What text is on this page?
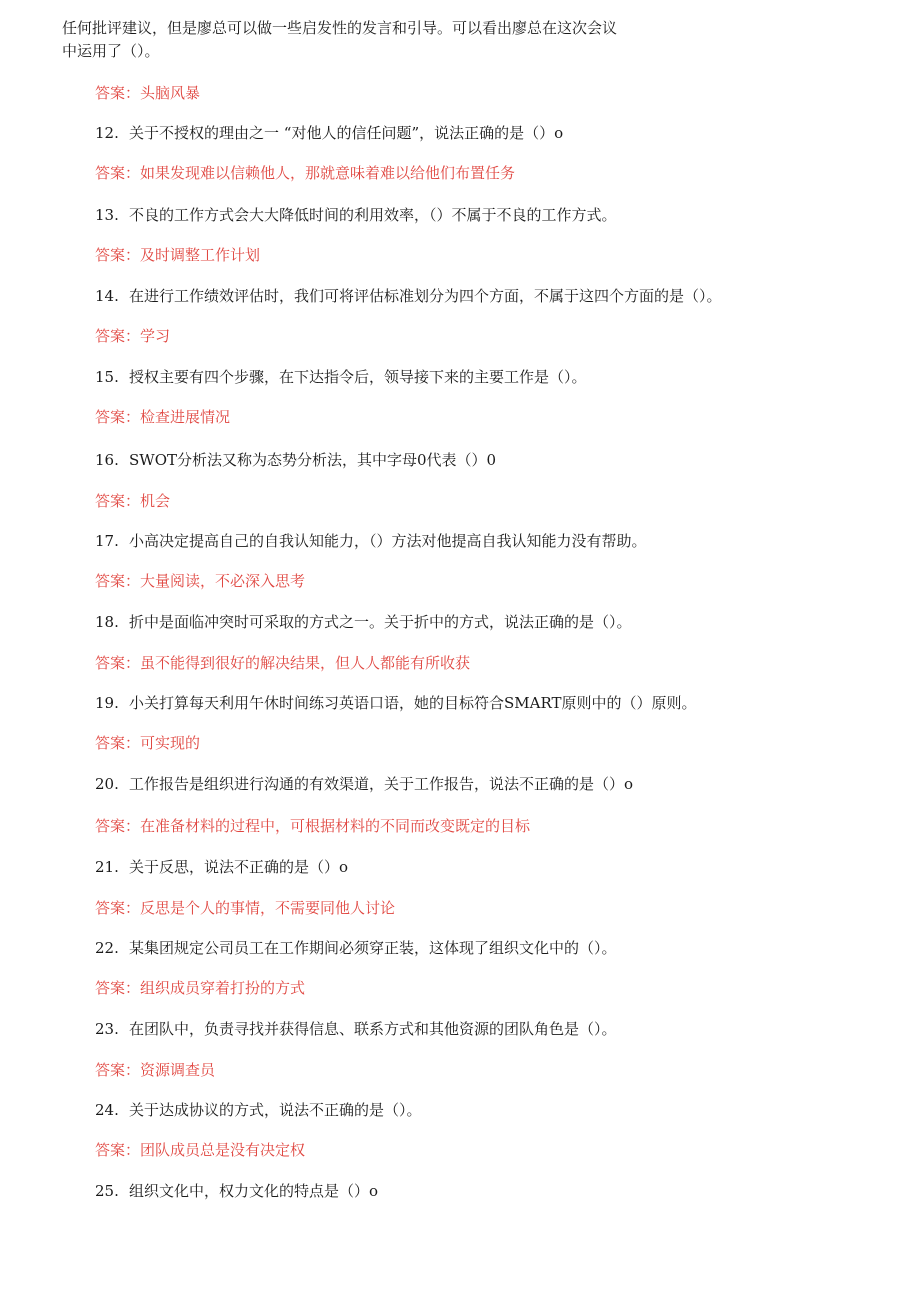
任何批评建议，但是廖总可以做一些启发性的发言和引导。可以看出廖总在这次会议
中运用了（）。
答案：头脑风暴
12. 关于不授权的理由之一 “对他人的信任问题”，说法正确的是（）o
答案：如果发现难以信赖他人，那就意味着难以给他们布置任务
13. 不良的工作方式会大大降低时间的利用效率，（）不属于不良的工作方式。
答案：及时调整工作计划
14. 在进行工作绩效评估时，我们可将评估标准划分为四个方面，不属于这四个方面的是（）。
答案：学习
15. 授权主要有四个步骤，在下达指令后，领导接下来的主要工作是（）。
答案：检查进展情况
16. SWOT分析法又称为态势分析法，其中字母0代表（）0
答案：机会
17. 小高决定提高自己的自我认知能力，（）方法对他提高自我认知能力没有帮助。
答案：大量阅读，不必深入思考
18. 折中是面临冲突时可采取的方式之一。关于折中的方式，说法正确的是（）。
答案：虽不能得到很好的解决结果，但人人都能有所收获
19. 小关打算每天利用午休时间练习英语口语，她的目标符合SMART原则中的（）原则。
答案：可实现的
20. 工作报告是组织进行沟通的有效渠道，关于工作报告，说法不正确的是（）o
答案：在准备材料的过程中，可根据材料的不同而改变既定的目标
21. 关于反思，说法不正确的是（）o
答案：反思是个人的事情，不需要同他人讨论
22. 某集团规定公司员工在工作期间必须穿正装，这体现了组织文化中的（）。
答案：组织成员穿着打扮的方式
23. 在团队中，负责寻找并获得信息、联系方式和其他资源的团队角色是（）。
答案：资源调查员
24. 关于达成协议的方式，说法不正确的是（）。
答案：团队成员总是没有决定权
25. 组织文化中，权力文化的特点是（）o
